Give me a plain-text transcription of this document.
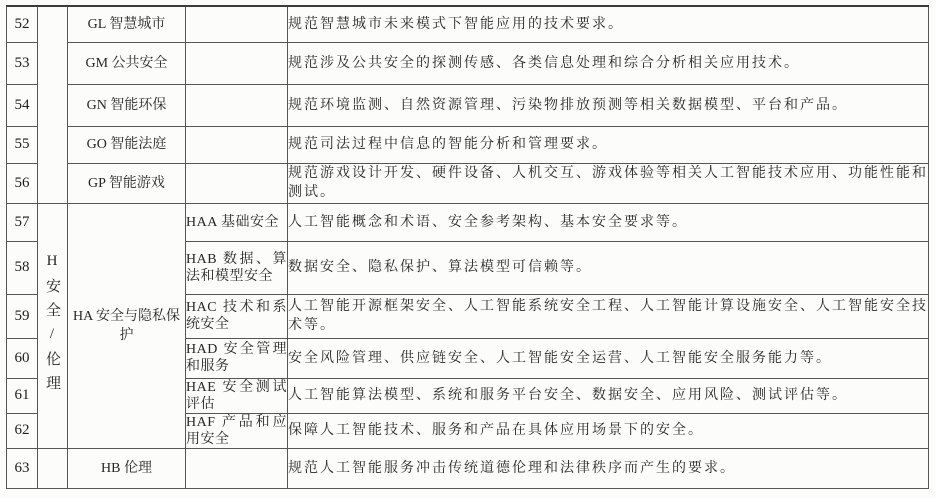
52		GL 智慧城市		规范智慧城市未来模式下智能应用的技术要求。
53		GM 公共安全		规范涉及公共安全的探测传感、各类信息处理和综合分析相关应用技术。
54		GN 智能环保		规范环境监测、自然资源管理、污染物排放预测等相关数据模型、平台和产品。
55		GO 智能法庭		规范司法过程中信息的智能分析和管理要求。
56		GP 智能游戏		规范游戏设计开发、硬件设备、人机交互、游戏体验等相关人工智能技术应用、功能性能和测试。
57	H安全/伦理	HA 安全与隐私保护	HAA 基础安全	人工智能概念和术语、安全参考架构、基本安全要求等。
58			HAB 数据、算法和模型安全	数据安全、隐私保护、算法模型可信赖等。
59			HAC 技术和系统安全	人工智能开源框架安全、人工智能系统安全工程、人工智能计算设施安全、人工智能安全技术等。
60			HAD 安全管理和服务	安全风险管理、供应链安全、人工智能安全运营、人工智能安全服务能力等。
61			HAE 安全测试评估	人工智能算法模型、系统和服务平台安全、数据安全、应用风险、测试评估等。
62			HAF 产品和应用安全	保障人工智能技术、服务和产品在具体应用场景下的安全。
63		HB 伦理		规范人工智能服务冲击传统道德伦理和法律秩序而产生的要求。
